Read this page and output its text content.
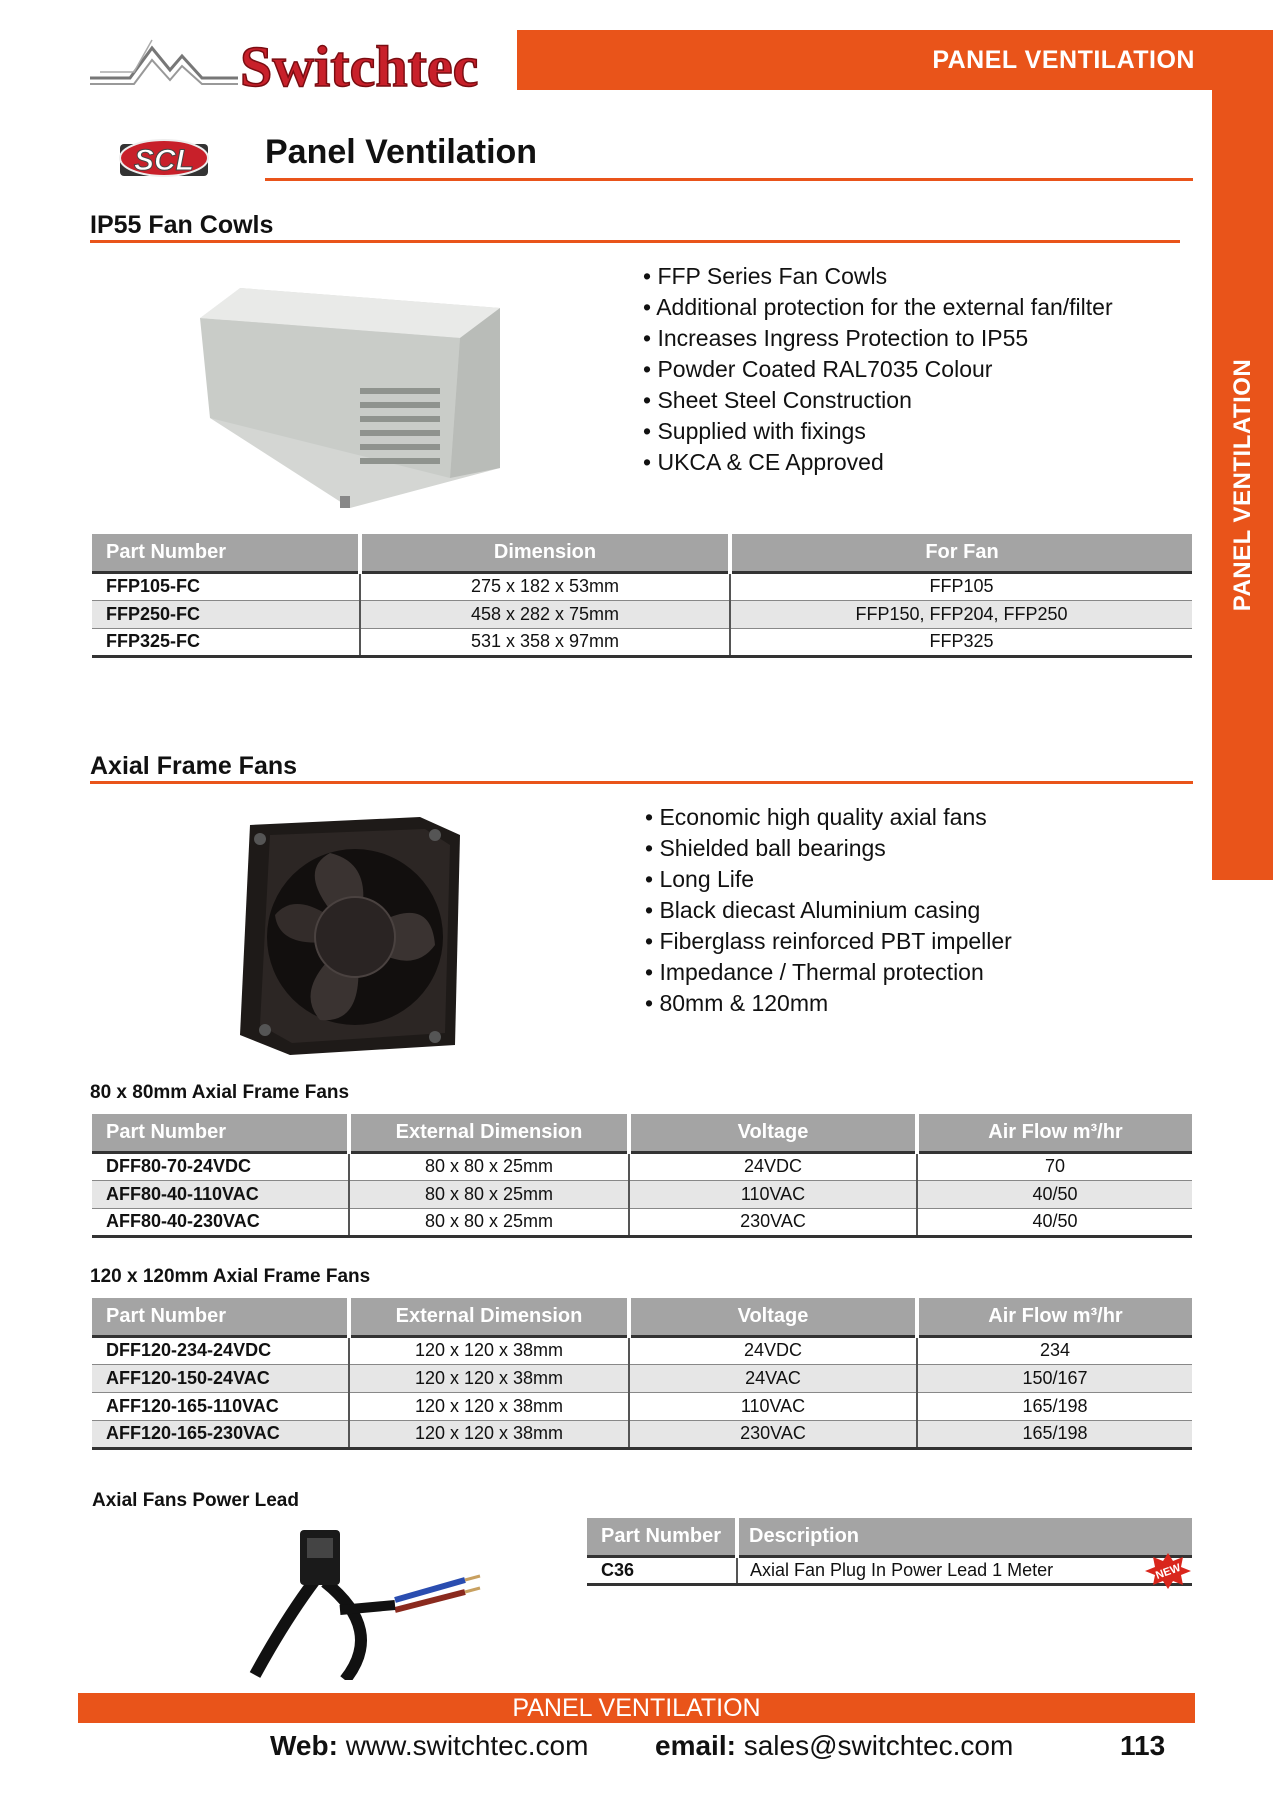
PANEL VENTILATION
PANEL VENTILATION
Switchtec
SCL Panel Ventilation
IP55 Fan Cowls
• FFP Series Fan Cowls
• Additional protection for the external fan/filter
• Increases Ingress Protection to IP55
• Powder Coated RAL7035 Colour
• Sheet Steel Construction
• Supplied with fixings
• UKCA & CE Approved
Part Number	Dimension	For Fan
FFP105-FC	275 x 182 x 53mm	FFP105
FFP250-FC	458 x 282 x 75mm	FFP150, FFP204, FFP250
FFP325-FC	531 x 358 x 97mm	FFP325
Axial Frame Fans
• Economic high quality axial fans
• Shielded ball bearings
• Long Life
• Black diecast Aluminium casing
• Fiberglass reinforced PBT impeller
• Impedance / Thermal protection
• 80mm & 120mm
80 x 80mm Axial Frame Fans
Part Number	External Dimension	Voltage	Air Flow m³/hr
DFF80-70-24VDC	80 x 80 x 25mm	24VDC	70
AFF80-40-110VAC	80 x 80 x 25mm	110VAC	40/50
AFF80-40-230VAC	80 x 80 x 25mm	230VAC	40/50
120 x 120mm Axial Frame Fans
Part Number	External Dimension	Voltage	Air Flow m³/hr
DFF120-234-24VDC	120 x 120 x 38mm	24VDC	234
AFF120-150-24VAC	120 x 120 x 38mm	24VAC	150/167
AFF120-165-110VAC	120 x 120 x 38mm	110VAC	165/198
AFF120-165-230VAC	120 x 120 x 38mm	230VAC	165/198
Axial Fans Power Lead
Part Number	Description
C36	Axial Fan Plug In Power Lead 1 Meter	NEW
PANEL VENTILATION
Web: www.switchtec.com email: sales@switchtec.com	113
